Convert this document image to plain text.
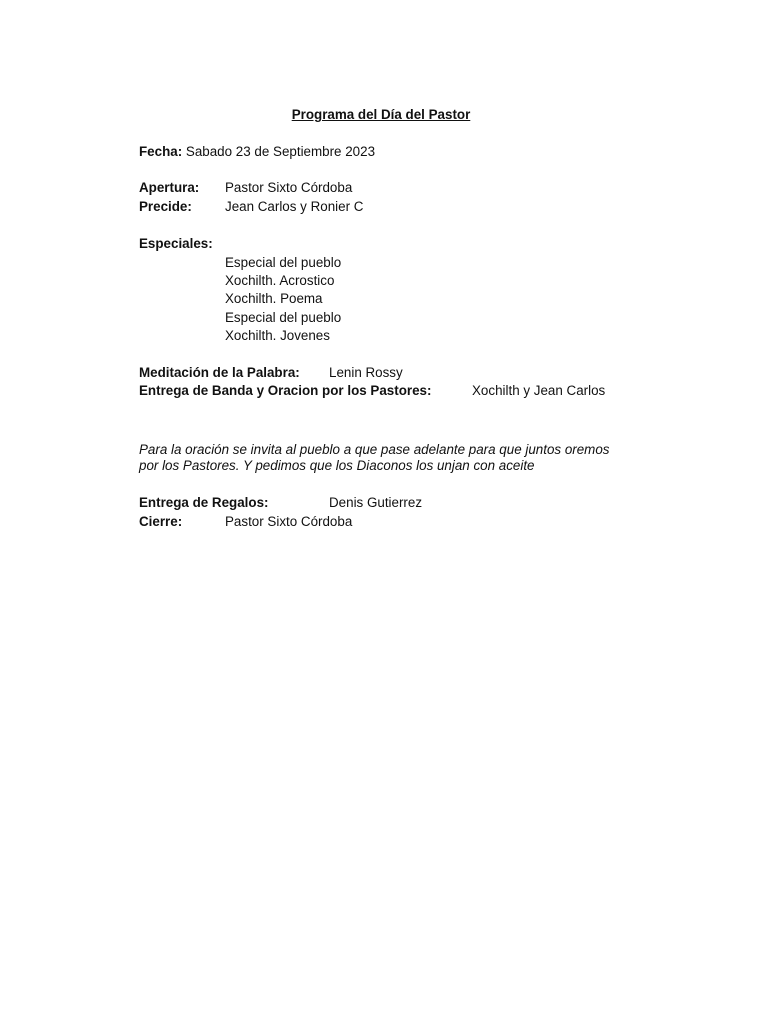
Programa del Día del Pastor
Fecha: Sabado 23 de Septiembre 2023
Apertura: Pastor Sixto Córdoba
Precide: Jean Carlos y Ronier C
Especiales:
Especial del pueblo
Xochilth. Acrostico
Xochilth. Poema
Especial del pueblo
Xochilth. Jovenes
Meditación de la Palabra: Lenin Rossy
Entrega de Banda y Oracion por los Pastores:	Xochilth y Jean Carlos
Para la oración se invita al pueblo a que pase adelante para que juntos oremos
por los Pastores. Y pedimos que los Diaconos los unjan con aceite
Entrega de Regalos:	Denis Gutierrez
Cierre:	Pastor Sixto Córdoba
